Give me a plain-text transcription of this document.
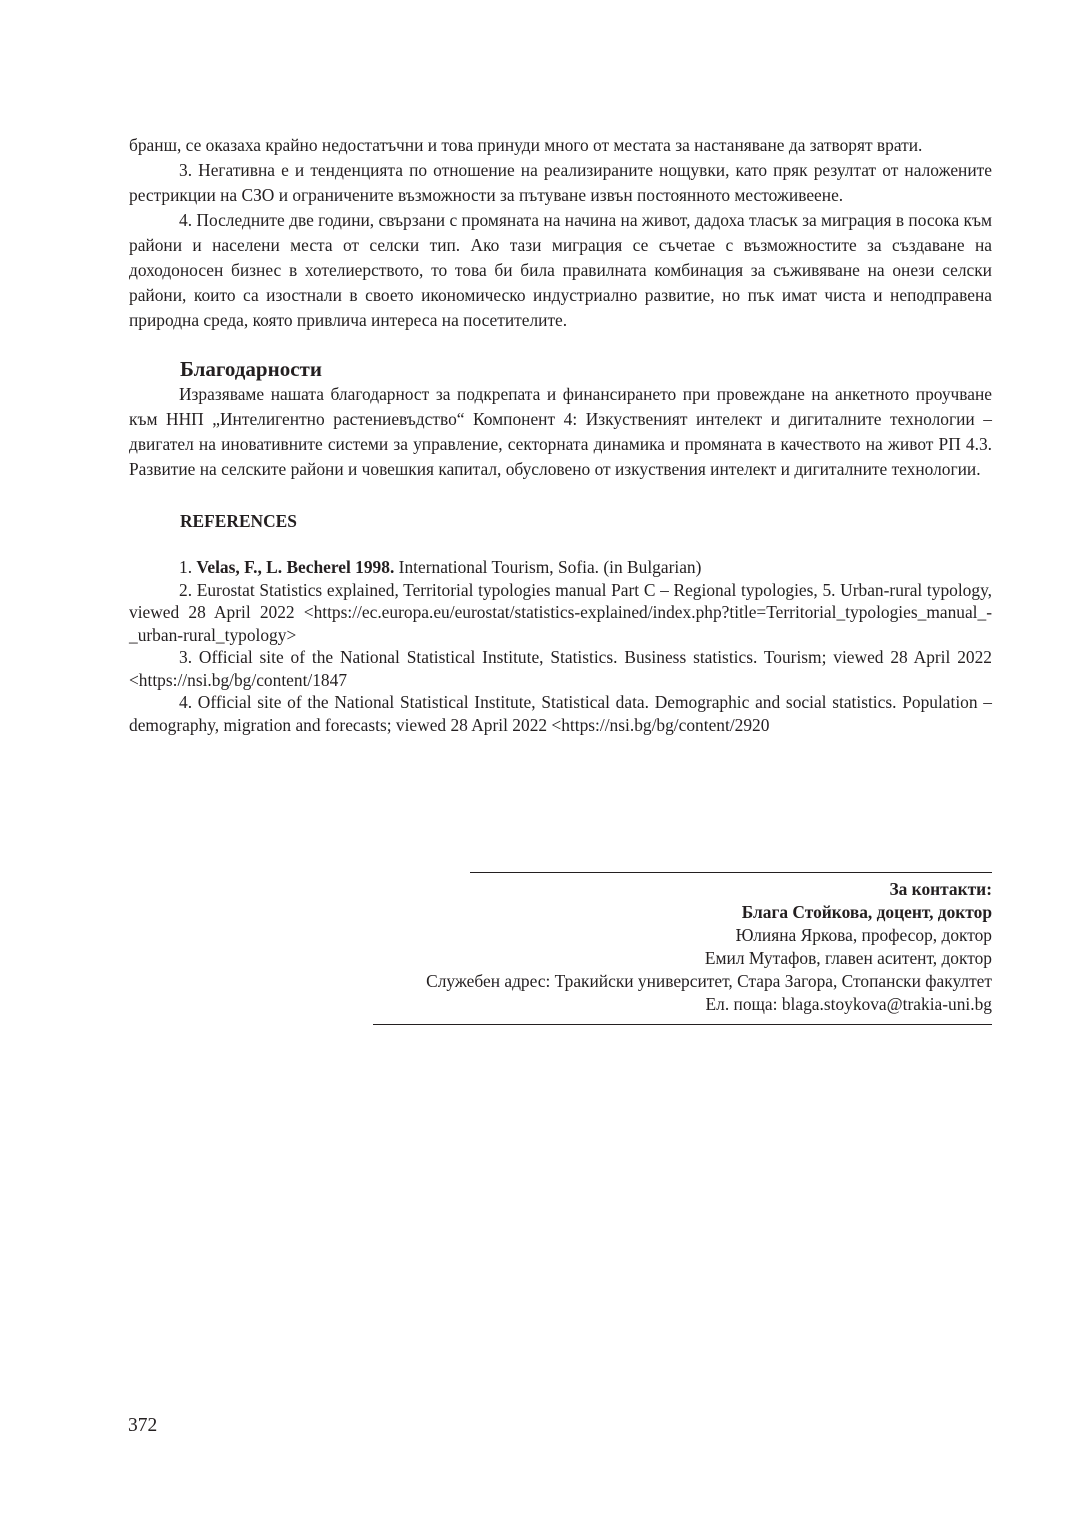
бранш, се оказаха крайно недостатъчни и това принуди много от местата за настаняване да затворят врати.

3. Негативна е и тенденцията по отношение на реализираните нощувки, като пряк резултат от наложените рестрикции на СЗО и ограничените възможности за пътуване извън постоянното местоживеене.

4. Последните две години, свързани с промяната на начина на живот, дадоха тласък за миграция в посока към райони и населени места от селски тип. Ако тази миграция се съчетае с възможностите за създаване на доходоносен бизнес в хотелиерството, то това би била правилната комбинация за съживяване на онези селски райони, които са изостнали в своето икономическо индустриално развитие, но пък имат чиста и неподправена природна среда, която привлича интереса на посетителите.

Благодарности

Изразяваме нашата благодарност за подкрепата и финансирането при провеждане на анкетното проучване към ННП „Интелигентно растениевъдство“ Компонент 4: Изкуственият интелект и дигиталните технологии – двигател на иновативните системи за управление, секторната динамика и промяната в качеството на живот РП 4.3. Развитие на селските райони и човешкия капитал, обусловено от изкуствения интелект и дигиталните технологии.

REFERENCES

1. Velas, F., L. Becherel 1998. International Tourism, Sofia. (in Bulgarian)

2. Eurostat Statistics explained, Territorial typologies manual Part C – Regional typologies, 5. Urban-rural typology, viewed 28 April 2022 <https://ec.europa.eu/eurostat/statistics-explained/index.php?title=Territorial_typologies_manual_-_urban-rural_typology>

3. Official site of the National Statistical Institute, Statistics. Business statistics. Tourism; viewed 28 April 2022 <https://nsi.bg/bg/content/1847

4. Official site of the National Statistical Institute, Statistical data. Demographic and social statistics. Population – demography, migration and forecasts; viewed 28 April 2022 <https://nsi.bg/bg/content/2920

За контакти:
Блага Стойкова, доцент, доктор
Юлияна Яркова, професор, доктор
Емил Мутафов, главен аситент, доктор
Служебен адрес: Тракийски университет, Стара Загора, Стопански факултет
Ел. поща: blaga.stoykova@trakia-uni.bg
372
